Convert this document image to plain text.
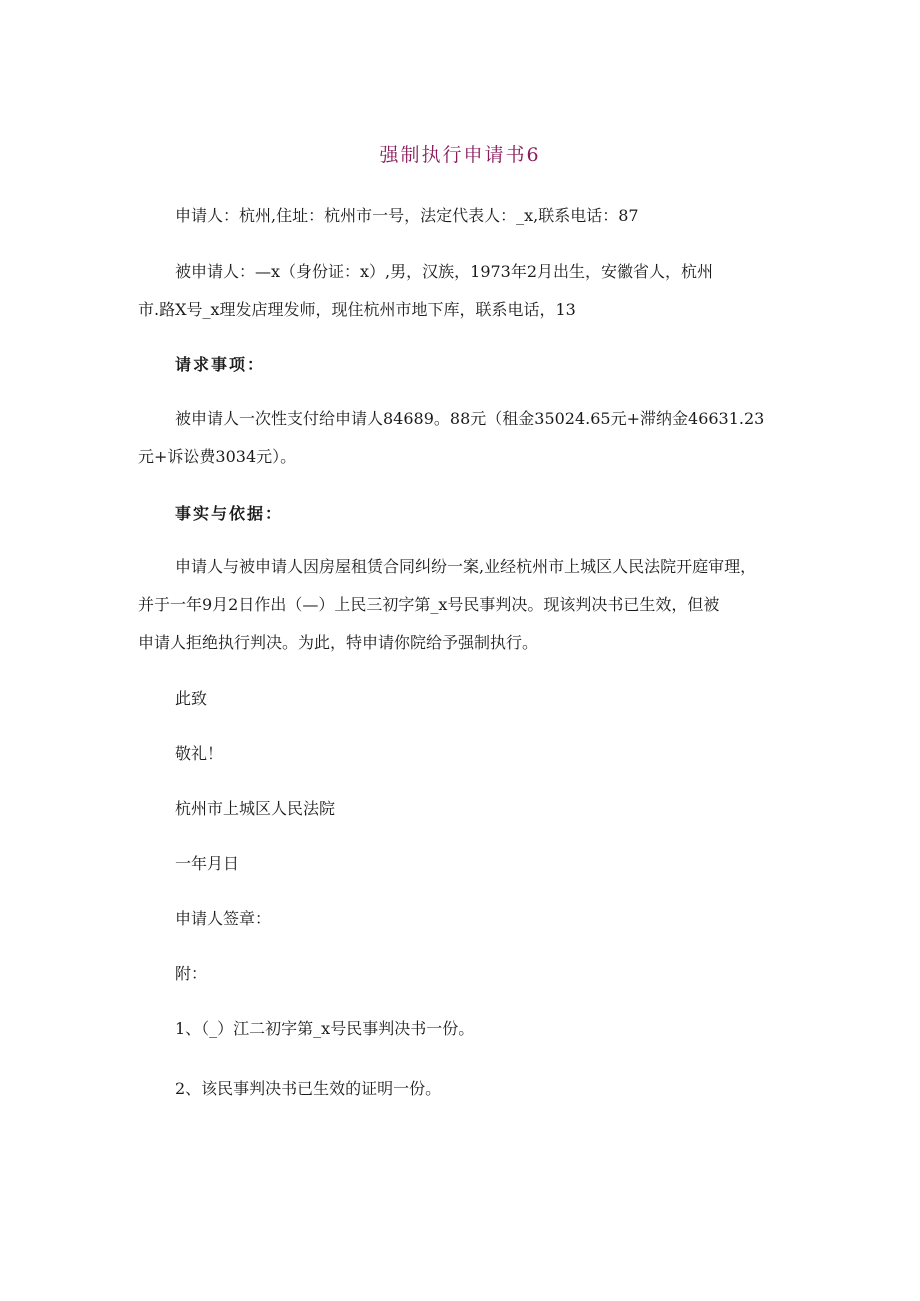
强制执行申请书6
申请人：杭州,住址：杭州市一号，法定代表人：_x,联系电话：87
被申请人：—x（身份证：x）,男，汉族，1973年2月出生，安徽省人，杭州
市.路X号_x理发店理发师，现住杭州市地下库，联系电话，13
请求事项：
被申请人一次性支付给申请人84689。88元（租金35024.65元+滞纳金46631.23
元+诉讼费3034元）。
事实与依据：
申请人与被申请人因房屋租赁合同纠纷一案,业经杭州市上城区人民法院开庭审理，
并于一年9月2日作出（—）上民三初字第_x号民事判决。现该判决书已生效，但被
申请人拒绝执行判决。为此，特申请你院给予强制执行。
此致
敬礼！
杭州市上城区人民法院
一年月日
申请人签章：
附：
1、（_）江二初字第_x号民事判决书一份。
2、该民事判决书已生效的证明一份。
